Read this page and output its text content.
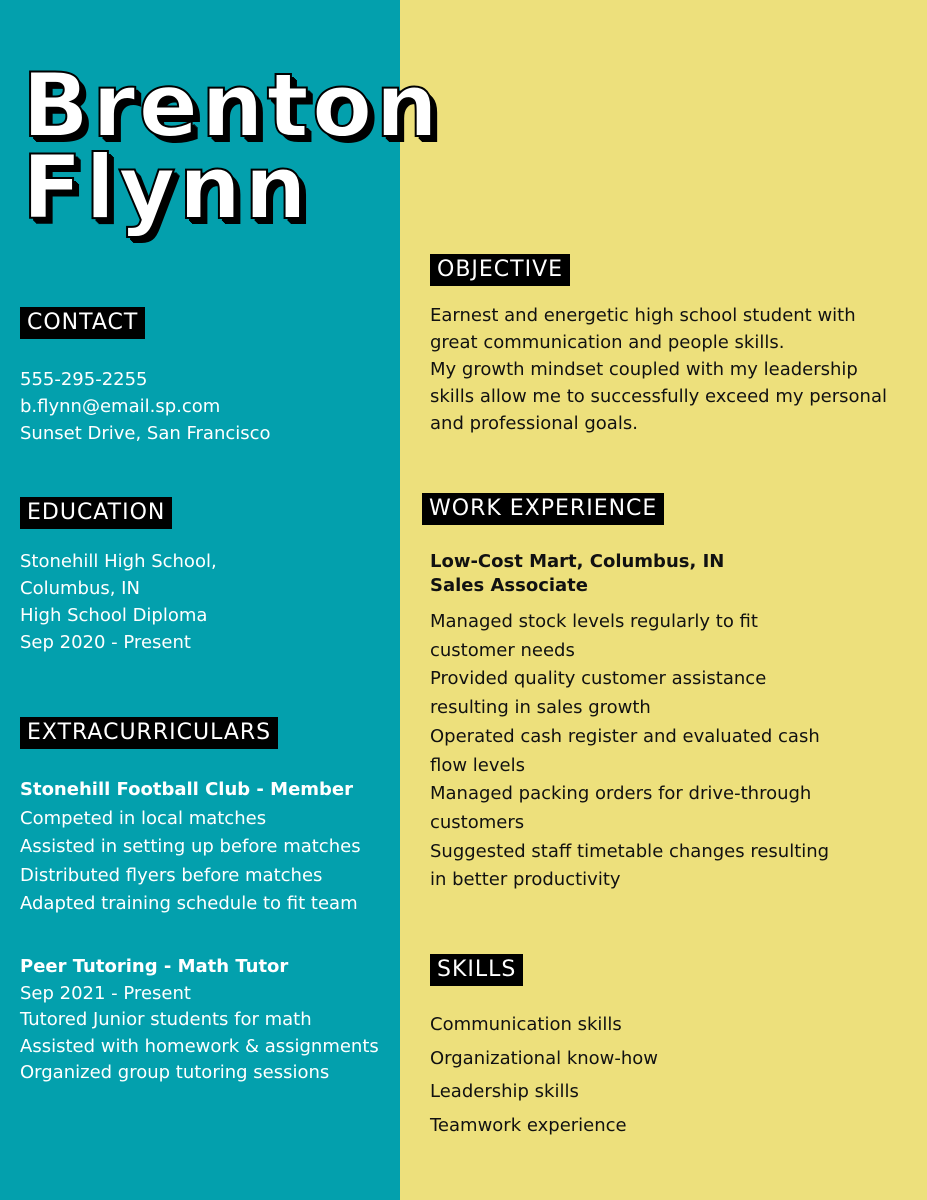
Brenton
Flynn
CONTACT
555-295-2255
b.flynn@email.sp.com
Sunset Drive, San Francisco
EDUCATION
Stonehill High School,
Columbus, IN
High School Diploma
Sep 2020 - Present
EXTRACURRICULARS
Stonehill Football Club - Member
Competed in local matches
Assisted in setting up before matches
Distributed flyers before matches
Adapted training schedule to fit team
Peer Tutoring - Math Tutor
Sep 2021 - Present
Tutored Junior students for math
Assisted with homework & assignments
Organized group tutoring sessions
OBJECTIVE
Earnest and energetic high school student with
great communication and people skills.
My growth mindset coupled with my leadership
skills allow me to successfully exceed my personal
and professional goals.
WORK EXPERIENCE
Low-Cost Mart, Columbus, IN
Sales Associate
Managed stock levels regularly to fit
customer needs
Provided quality customer assistance
resulting in sales growth
Operated cash register and evaluated cash
flow levels
Managed packing orders for drive-through
customers
Suggested staff timetable changes resulting
in better productivity
SKILLS
Communication skills
Organizational know-how
Leadership skills
Teamwork experience
